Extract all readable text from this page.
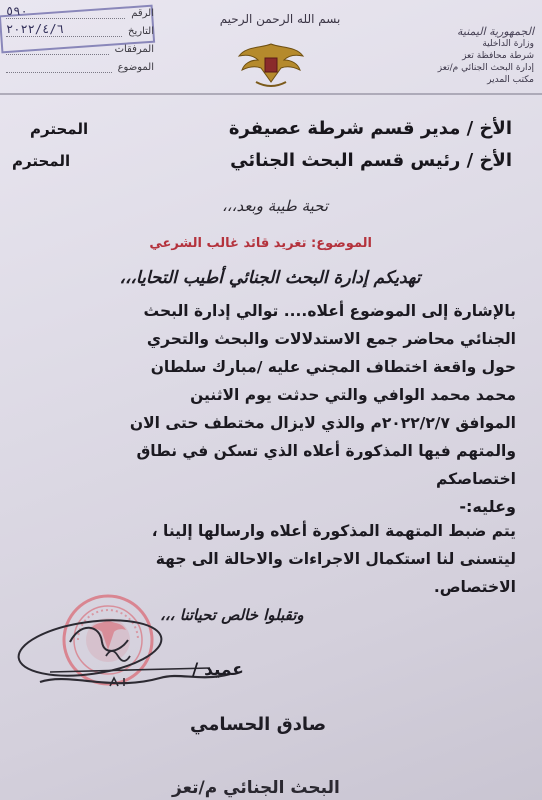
٥٩٠	الرقم
٢٠٢٢/٤/٦	التاريخ
المرفقات
الموضوع
بسم الله الرحمن الرحيم
الجمهورية اليمنية
وزارة الداخلية
شرطة محافظة تعز
إدارة البحث الجنائي م/تعز
مكتب المدير
الأخ / مدير قسم شرطة عصيفرة
المحترم
الأخ / رئيس قسم البحث الجنائي
المحترم
تحية طيبة وبعد،،،
الموضوع: تغريد قائد غالب الشرعي
تهديكم إدارة البحث الجنائي أطيب التحايا،،،
بالإشارة إلى الموضوع أعلاه.... توالي إدارة البحث
الجنائي محاضر جمع الاستدلالات والبحث والتحري
حول واقعة اختطاف المجني عليه /مبارك سلطان
محمد محمد الوافي والتي حدثت يوم الاثنين
الموافق ٢٠٢٢/٢/٧م والذي لايزال مختطف حتى الان
والمتهم فيها المذكورة أعلاه الذي تسكن في نطاق
اختصاصكم
وعليه:-
يتم ضبط المتهمة المذكورة أعلاه وارسالها إلينا ،
ليتسنى لنا استكمال الاجراءات والاحالة الى جهة
الاختصاص.
وتقبلوا خالص تحياتنا ،،،
عميد /
صادق الحسامي
البحث الجنائي م/تعز
